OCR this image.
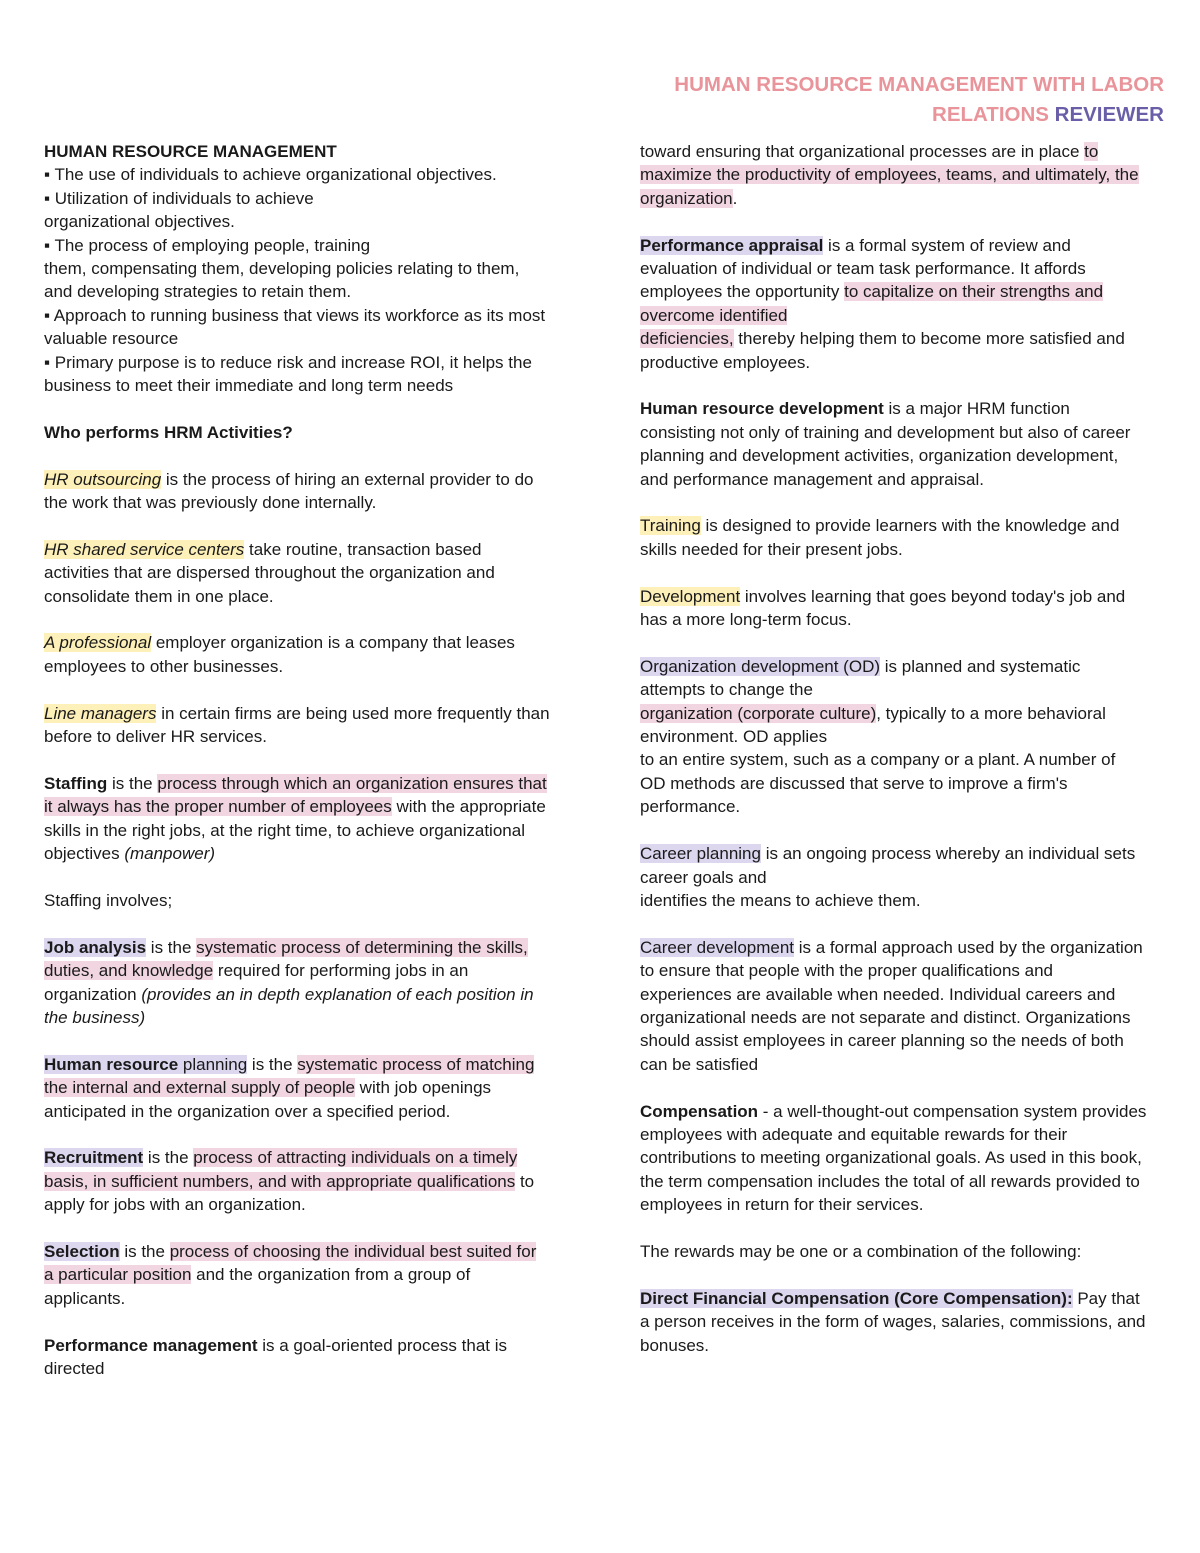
HUMAN RESOURCE MANAGEMENT WITH LABOR
RELATIONS REVIEWER
HUMAN RESOURCE MANAGEMENT
▪ The use of individuals to achieve organizational objectives.
▪ Utilization of individuals to achieve
organizational objectives.
▪ The process of employing people, training
them, compensating them, developing policies relating to them,
and developing strategies to retain them.
▪ Approach to running business that views its workforce as its most
valuable resource
▪ Primary purpose is to reduce risk and increase ROI, it helps the
business to meet their immediate and long term needs
Who performs HRM Activities?
HR outsourcing is the process of hiring an external provider to do
the work that was previously done internally.
HR shared service centers take routine, transaction based
activities that are dispersed throughout the organization and
consolidate them in one place.
A professional employer organization is a company that leases
employees to other businesses.
Line managers in certain firms are being used more frequently than
before to deliver HR services.
Staffing is the process through which an organization ensures that
it always has the proper number of employees with the appropriate
skills in the right jobs, at the right time, to achieve organizational
objectives (manpower)
Staffing involves;
Job analysis is the systematic process of determining the skills,
duties, and knowledge required for performing jobs in an
organization (provides an in depth explanation of each position in
the business)
Human resource planning is the systematic process of matching
the internal and external supply of people with job openings
anticipated in the organization over a specified period.
Recruitment is the process of attracting individuals on a timely
basis, in sufficient numbers, and with appropriate qualifications to
apply for jobs with an organization.
Selection is the process of choosing the individual best suited for
a particular position and the organization from a group of
applicants.
Performance management is a goal-oriented process that is
directed
toward ensuring that organizational processes are in place to
maximize the productivity of employees, teams, and ultimately, the
organization.
Performance appraisal is a formal system of review and
evaluation of individual or team task performance. It affords
employees the opportunity to capitalize on their strengths and
overcome identified
deficiencies, thereby helping them to become more satisfied and
productive employees.
Human resource development is a major HRM function
consisting not only of training and development but also of career
planning and development activities, organization development,
and performance management and appraisal.
Training is designed to provide learners with the knowledge and
skills needed for their present jobs.
Development involves learning that goes beyond today's job and
has a more long-term focus.
Organization development (OD) is planned and systematic
attempts to change the
organization (corporate culture), typically to a more behavioral
environment. OD applies
to an entire system, such as a company or a plant. A number of
OD methods are discussed that serve to improve a firm's
performance.
Career planning is an ongoing process whereby an individual sets
career goals and
identifies the means to achieve them.
Career development is a formal approach used by the organization
to ensure that people with the proper qualifications and
experiences are available when needed. Individual careers and
organizational needs are not separate and distinct. Organizations
should assist employees in career planning so the needs of both
can be satisfied
Compensation - a well-thought-out compensation system provides
employees with adequate and equitable rewards for their
contributions to meeting organizational goals. As used in this book,
the term compensation includes the total of all rewards provided to
employees in return for their services.
The rewards may be one or a combination of the following:
Direct Financial Compensation (Core Compensation): Pay that
a person receives in the form of wages, salaries, commissions, and
bonuses.
